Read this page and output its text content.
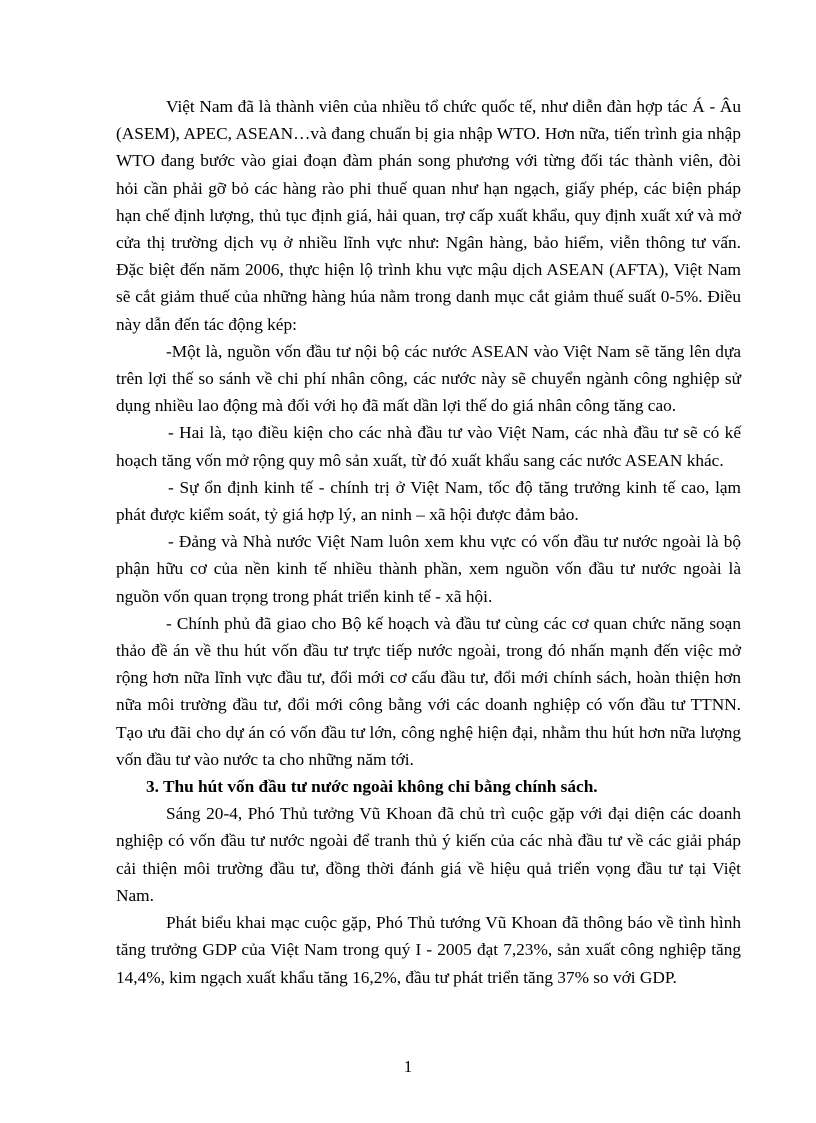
Việt Nam đã là thành viên của nhiều tổ chức quốc tế, như diễn đàn hợp tác Á - Âu (ASEM), APEC, ASEAN…và đang chuẩn bị gia nhập WTO. Hơn nữa, tiến trình gia nhập WTO đang bước vào giai đoạn đàm phán song phương với từng đối tác thành viên, đòi hỏi cần phải gỡ bỏ các hàng rào phi thuế quan như hạn ngạch, giấy phép, các biện pháp hạn chế định lượng, thủ tục định giá, hải quan, trợ cấp xuất khẩu, quy định xuất xứ và mở cửa thị trường dịch vụ ở nhiều lĩnh vực như: Ngân hàng, bảo hiểm, viễn thông tư vấn. Đặc biệt đến năm 2006, thực hiện lộ trình khu vực mậu dịch ASEAN (AFTA), Việt Nam sẽ cắt giảm thuế của những hàng húa nằm trong danh mục cắt giảm thuế suất 0-5%. Điều này dẫn đến tác động kép:

-Một là, nguồn vốn đầu tư nội bộ các nước ASEAN vào Việt Nam sẽ tăng lên dựa trên lợi thế so sánh về chi phí nhân công, các nước này sẽ chuyển ngành công nghiệp sử dụng nhiều lao động mà đối với họ đã mất dần lợi thế do giá nhân công tăng cao.

- Hai là, tạo điều kiện cho các nhà đầu tư vào Việt Nam, các nhà đầu tư sẽ có kế hoạch tăng vốn mở rộng quy mô sản xuất, từ đó xuất khẩu sang các nước ASEAN khác.

- Sự ổn định kinh tế - chính trị ở Việt Nam, tốc độ tăng trưởng kinh tế cao, lạm phát được kiểm soát, tỷ giá hợp lý, an ninh – xã hội được đảm bảo.

- Đảng và Nhà nước Việt Nam luôn xem khu vực có vốn đầu tư nước ngoài là bộ phận hữu cơ của nền kinh tế nhiều thành phần, xem nguồn vốn đầu tư nước ngoài là nguồn vốn quan trọng trong phát triển kinh tế - xã hội.

- Chính phủ đã giao cho Bộ kế hoạch và đầu tư cùng các cơ quan chức năng soạn thảo đề án về thu hút vốn đầu tư trực tiếp nước ngoài, trong đó nhấn mạnh đến việc mở rộng hơn nữa lĩnh vực đầu tư, đổi mới cơ cấu đầu tư, đổi mới chính sách, hoàn thiện hơn nữa môi trường đầu tư, đổi mới công bằng với các doanh nghiệp có vốn đầu tư TTNN. Tạo ưu đãi cho dự án có vốn đầu tư lớn, công nghệ hiện đại, nhằm thu hút hơn nữa lượng vốn đầu tư vào nước ta cho những năm tới.

3. Thu hút vốn đầu tư nước ngoài không chỉ bằng chính sách.

Sáng 20-4, Phó Thủ tưởng Vũ Khoan đã chủ trì cuộc gặp với đại diện các doanh nghiệp có vốn đầu tư nước ngoài để tranh thủ ý kiến của các nhà đầu tư về các giải pháp cải thiện môi trường đầu tư, đồng thời đánh giá về hiệu quả triển vọng đầu tư tại Việt Nam.

Phát biểu khai mạc cuộc gặp, Phó Thủ tướng Vũ Khoan đã thông báo về tình hình tăng trưởng GDP của Việt Nam trong quý I - 2005 đạt 7,23%, sản xuất công nghiệp tăng 14,4%, kim ngạch xuất khẩu tăng 16,2%, đầu tư phát triển tăng 37% so với GDP.

1
